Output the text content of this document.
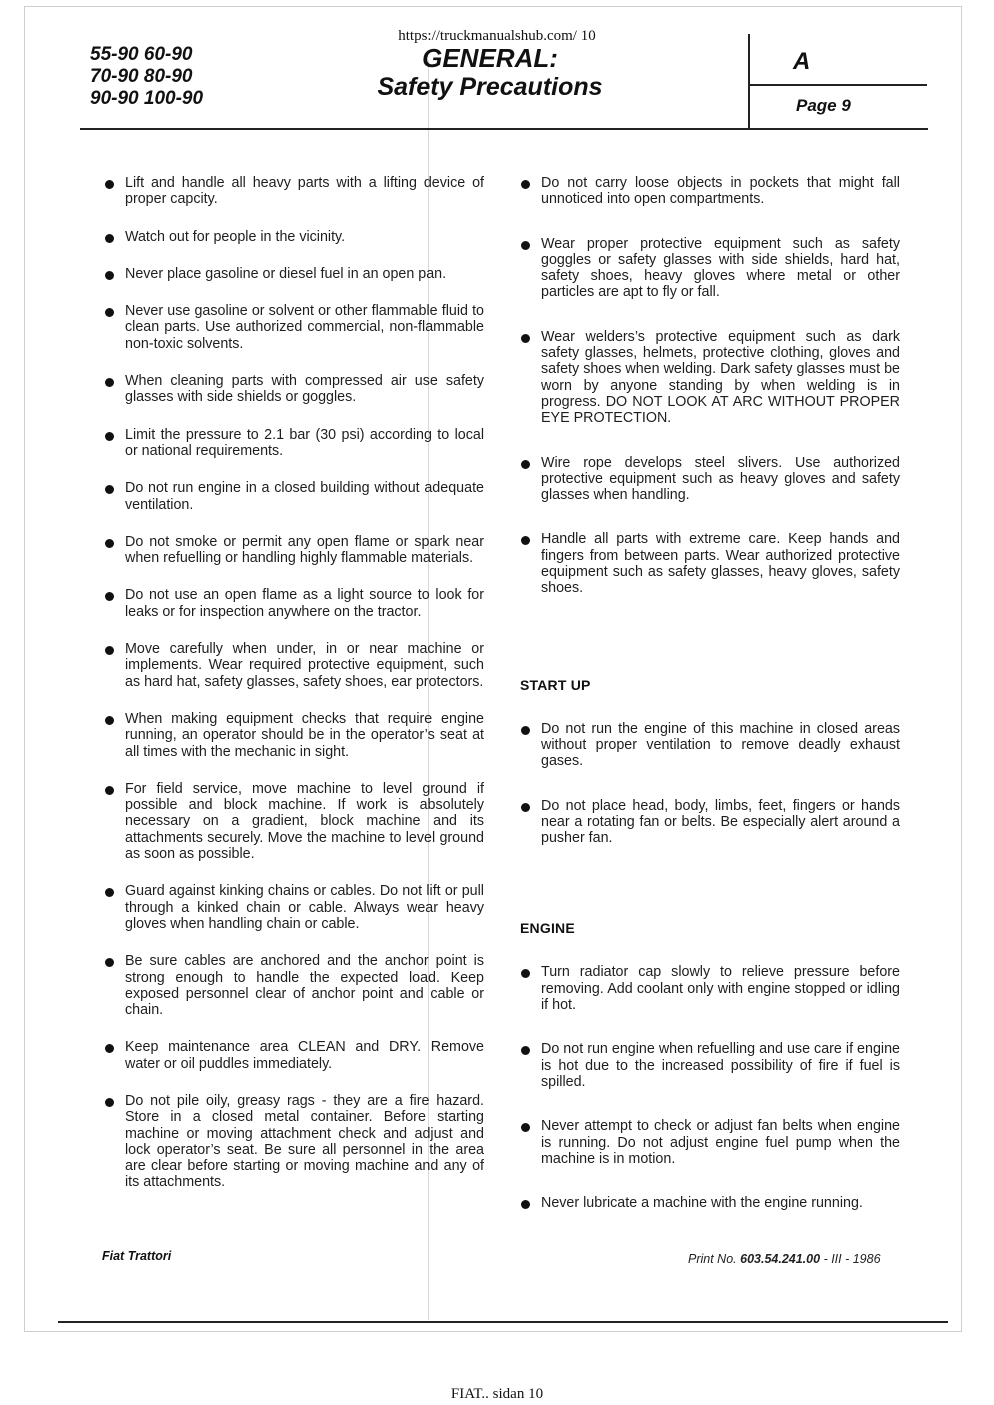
https://truckmanualshub.com/ 10
55-90 60-90
70-90 80-90
90-90 100-90
GENERAL:
Safety Precautions
A
Page 9
Lift and handle all heavy parts with a lifting device of proper capcity.
Watch out for people in the vicinity.
Never place gasoline or diesel fuel in an open pan.
Never use gasoline or solvent or other flammable fluid to clean parts. Use authorized commercial, non-flammable non-toxic solvents.
When cleaning parts with compressed air use safety glasses with side shields or goggles.
Limit the pressure to 2.1 bar (30 psi) according to local or national requirements.
Do not run engine in a closed building without adequate ventilation.
Do not smoke or permit any open flame or spark near when refuelling or handling highly flammable materials.
Do not use an open flame as a light source to look for leaks or for inspection anywhere on the tractor.
Move carefully when under, in or near machine or implements. Wear required protective equipment, such as hard hat, safety glasses, safety shoes, ear protectors.
When making equipment checks that require engine running, an operator should be in the operator’s seat at all times with the mechanic in sight.
For field service, move machine to level ground if possible and block machine. If work is absolutely necessary on a gradient, block machine and its attachments securely. Move the machine to level ground as soon as possible.
Guard against kinking chains or cables. Do not lift or pull through a kinked chain or cable. Always wear heavy gloves when handling chain or cable.
Be sure cables are anchored and the anchor point is strong enough to handle the expected load. Keep exposed personnel clear of anchor point and cable or chain.
Keep maintenance area CLEAN and DRY. Remove water or oil puddles immediately.
Do not pile oily, greasy rags - they are a fire hazard. Store in a closed metal container. Before starting machine or moving attachment check and adjust and lock operator’s seat. Be sure all personnel in the area are clear before starting or moving machine and any of its attachments.
Do not carry loose objects in pockets that might fall unnoticed into open compartments.
Wear proper protective equipment such as safety goggles or safety glasses with side shields, hard hat, safety shoes, heavy gloves where metal or other particles are apt to fly or fall.
Wear welders’s protective equipment such as dark safety glasses, helmets, protective clothing, gloves and safety shoes when welding. Dark safety glasses must be worn by anyone standing by when welding is in progress. DO NOT LOOK AT ARC WITHOUT PROPER EYE PROTECTION.
Wire rope develops steel slivers. Use authorized protective equipment such as heavy gloves and safety glasses when handling.
Handle all parts with extreme care. Keep hands and fingers from between parts. Wear authorized protective equipment such as safety glasses, heavy gloves, safety shoes.
START UP
Do not run the engine of this machine in closed areas without proper ventilation to remove deadly exhaust gases.
Do not place head, body, limbs, feet, fingers or hands near a rotating fan or belts. Be especially alert around a pusher fan.
ENGINE
Turn radiator cap slowly to relieve pressure before removing. Add coolant only with engine stopped or idling if hot.
Do not run engine when refuelling and use care if engine is hot due to the increased possibility of fire if fuel is spilled.
Never attempt to check or adjust fan belts when engine is running. Do not adjust engine fuel pump when the machine is in motion.
Never lubricate a machine with the engine running.
Fiat Trattori	Print No. 603.54.241.00 - III - 1986
FIAT.. sidan 10
